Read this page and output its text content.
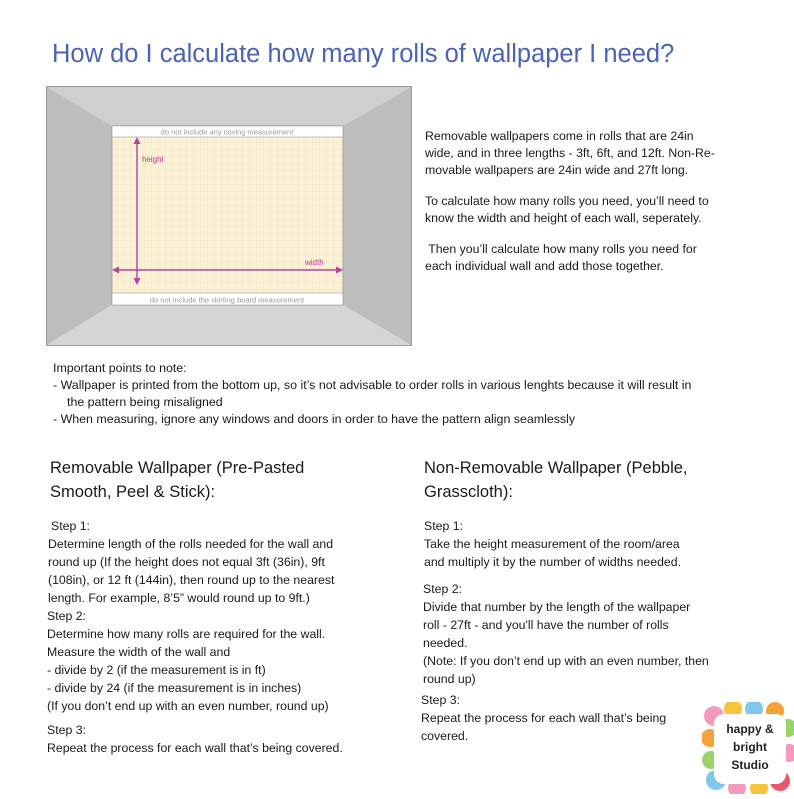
How do I calculate how many rolls of wallpaper I need?
do not include any coving measurement
do not include the skirting board measurement
height
width

Removable wallpapers come in rolls that are 24in
wide, and in three lengths - 3ft, 6ft, and 12ft. Non-Re-
movable wallpapers are 24in wide and 27ft long.

To calculate how many rolls you need, you’ll need to
know the width and height of each wall, seperately.

Then you’ll calculate how many rolls you need for
each individual wall and add those together.

Important points to note:
- Wallpaper is printed from the bottom up, so it’s not advisable to order rolls in various lenghts because it will result in
the pattern being misaligned
- When measuring, ignore any windows and doors in order to have the pattern align seamlessly
Removable Wallpaper (Pre-Pasted
Smooth, Peel & Stick):
Step 1:
Determine length of the rolls needed for the wall and
round up (If the height does not equal 3ft (36in), 9ft
(108in), or 12 ft (144in), then round up to the nearest
length. For example, 8’5” would round up to 9ft.)
Step 2:
Determine how many rolls are required for the wall.
Measure the width of the wall and
- divide by 2 (if the measurement is in ft)
- divide by 24 (if the measurement is in inches)
(If you don’t end up with an even number, round up)
Step 3:
Repeat the process for each wall that’s being covered.
Non-Removable Wallpaper (Pebble,
Grasscloth):
Step 1:
Take the height measurement of the room/area
and multiply it by the number of widths needed.
Step 2:
Divide that number by the length of the wallpaper
roll - 27ft - and you'll have the number of rolls
needed.
(Note: If you don’t end up with an even number, then
round up)
Step 3:
Repeat the process for each wall that’s being
covered.	happy &
bright
Studio
